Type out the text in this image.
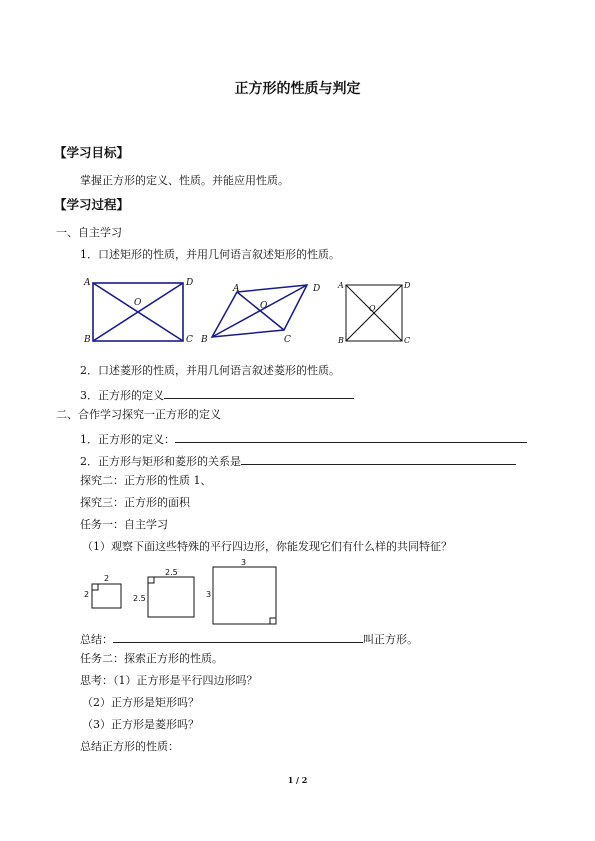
正方形的性质与判定
【学习目标】
掌握正方形的定义、性质。并能应用性质。
【学习过程】
一、自主学习
1．口述矩形的性质，并用几何语言叙述矩形的性质。
A	D
B	C
O
A	D
B	C
O
A	D
B	C
O
2．口述菱形的性质，并用几何语言叙述菱形的性质。
3．正方形的定义
二、合作学习探究一正方形的定义
1．正方形的定义：
2．正方形与矩形和菱形的关系是
探究二：正方形的性质 1、
探究三：正方形的面积
任务一：自主学习
（1）观察下面这些特殊的平行四边形，你能发现它们有什么样的共同特征？
2
2
2.5
2.5
3
3
总结：	叫正方形。
任务二：探索正方形的性质。
思考：（1）正方形是平行四边形吗？
（2）正方形是矩形吗？
（3）正方形是菱形吗？
总结正方形的性质：
1 / 2
